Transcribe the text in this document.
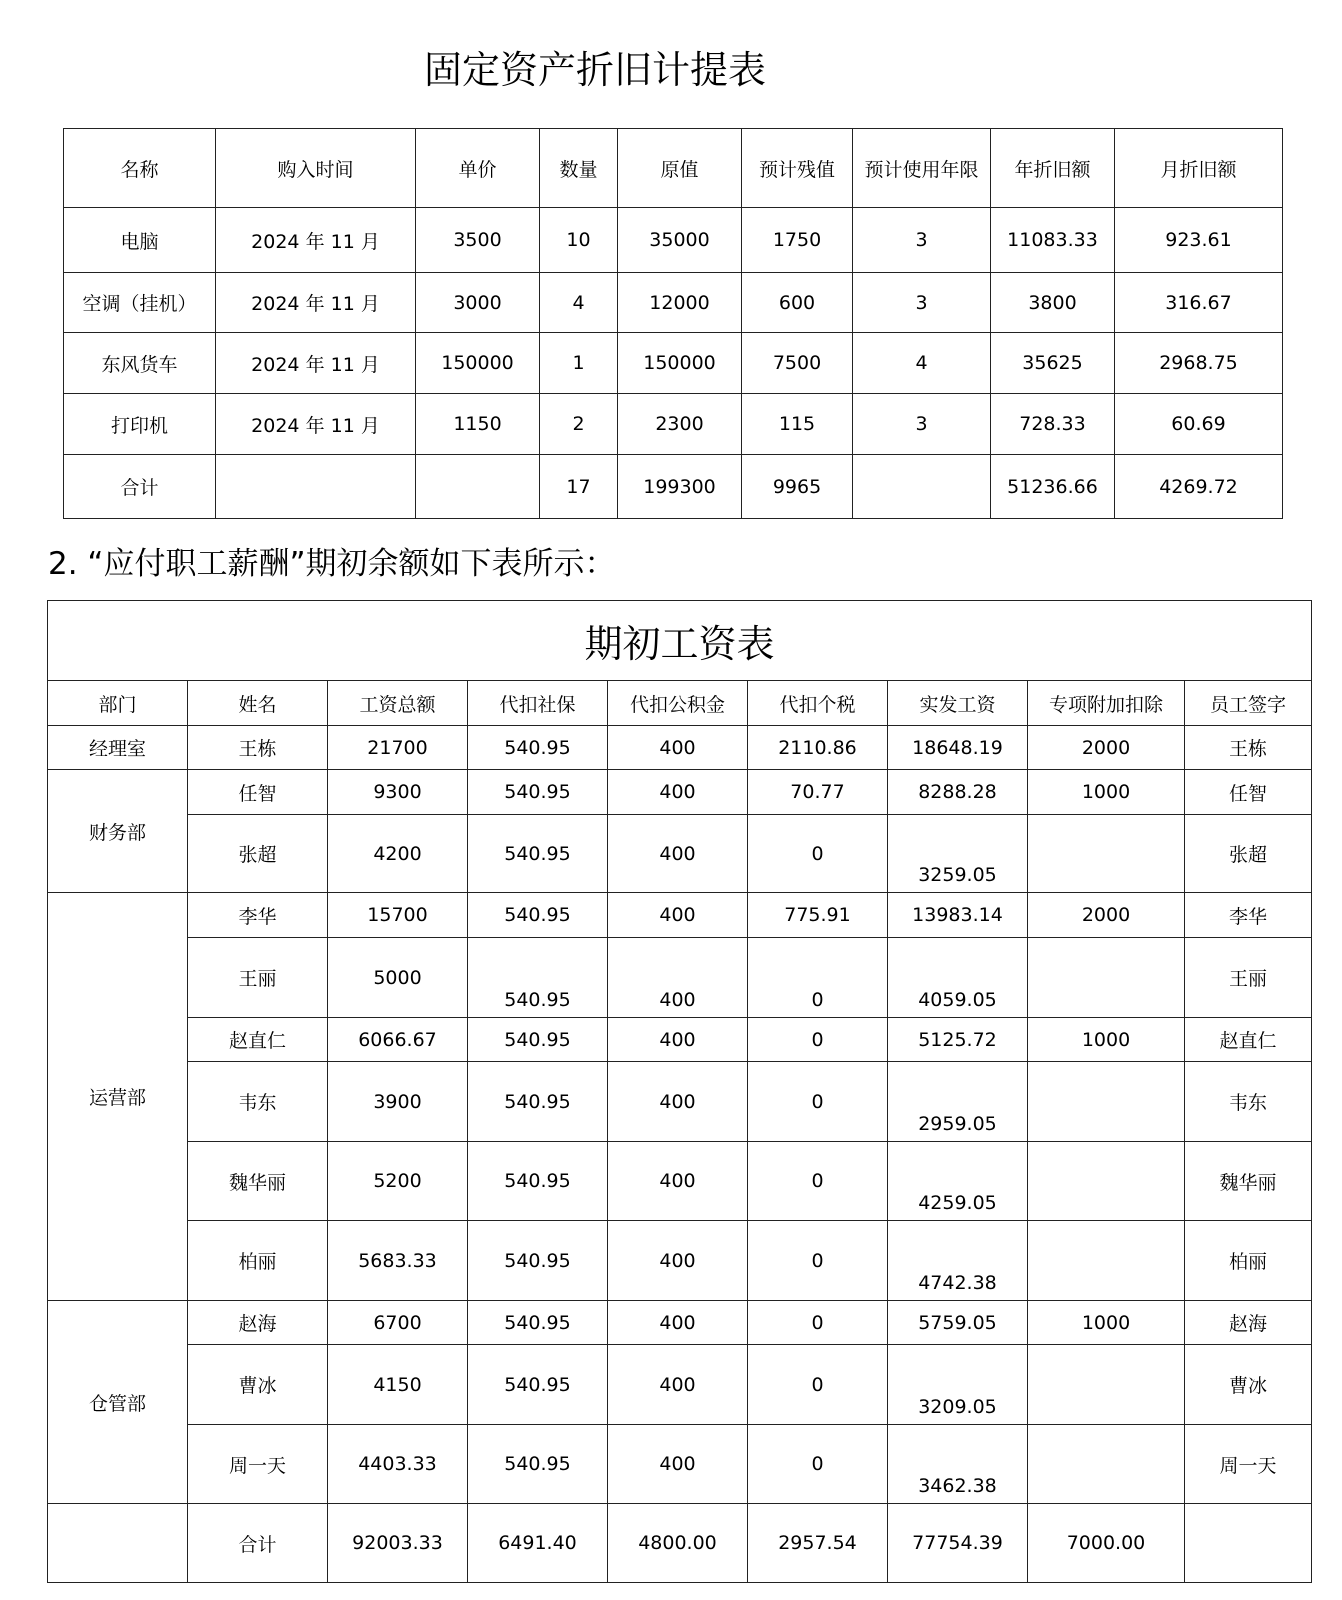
固定资产折旧计提表
名称	购入时间	单价	数量	原值	预计残值	预计使用年限	年折旧额	月折旧额
电脑	2024 年 11 月	3500	10	35000	1750	3	11083.33	923.61
空调（挂机）	2024 年 11 月	3000	4	12000	600	3	3800	316.67
东风货车	2024 年 11 月	150000	1	150000	7500	4	35625	2968.75
打印机	2024 年 11 月	1150	2	2300	115	3	728.33	60.69
合计			17	199300	9965		51236.66	4269.72
2. “应付职工薪酬”期初余额如下表所示：
期初工资表								
部门	姓名	工资总额	代扣社保	代扣公积金	代扣个税	实发工资	专项附加扣除	员工签字
经理室	王栋	21700	540.95	400	2110.86	18648.19	2000	王栋
财务部	任智	9300	540.95	400	70.77	8288.28	1000	任智
	张超	4200	540.95	400	0	3259.05		张超
运营部	李华	15700	540.95	400	775.91	13983.14	2000	李华
	王丽	5000	540.95	400	0	4059.05		王丽
	赵直仁	6066.67	540.95	400	0	5125.72	1000	赵直仁
	韦东	3900	540.95	400	0	2959.05		韦东
	魏华丽	5200	540.95	400	0	4259.05		魏华丽
	柏丽	5683.33	540.95	400	0	4742.38		柏丽
仓管部	赵海	6700	540.95	400	0	5759.05	1000	赵海
	曹冰	4150	540.95	400	0	3209.05		曹冰
	周一天	4403.33	540.95	400	0	3462.38		周一天
	合计	92003.33	6491.40	4800.00	2957.54	77754.39	7000.00	
